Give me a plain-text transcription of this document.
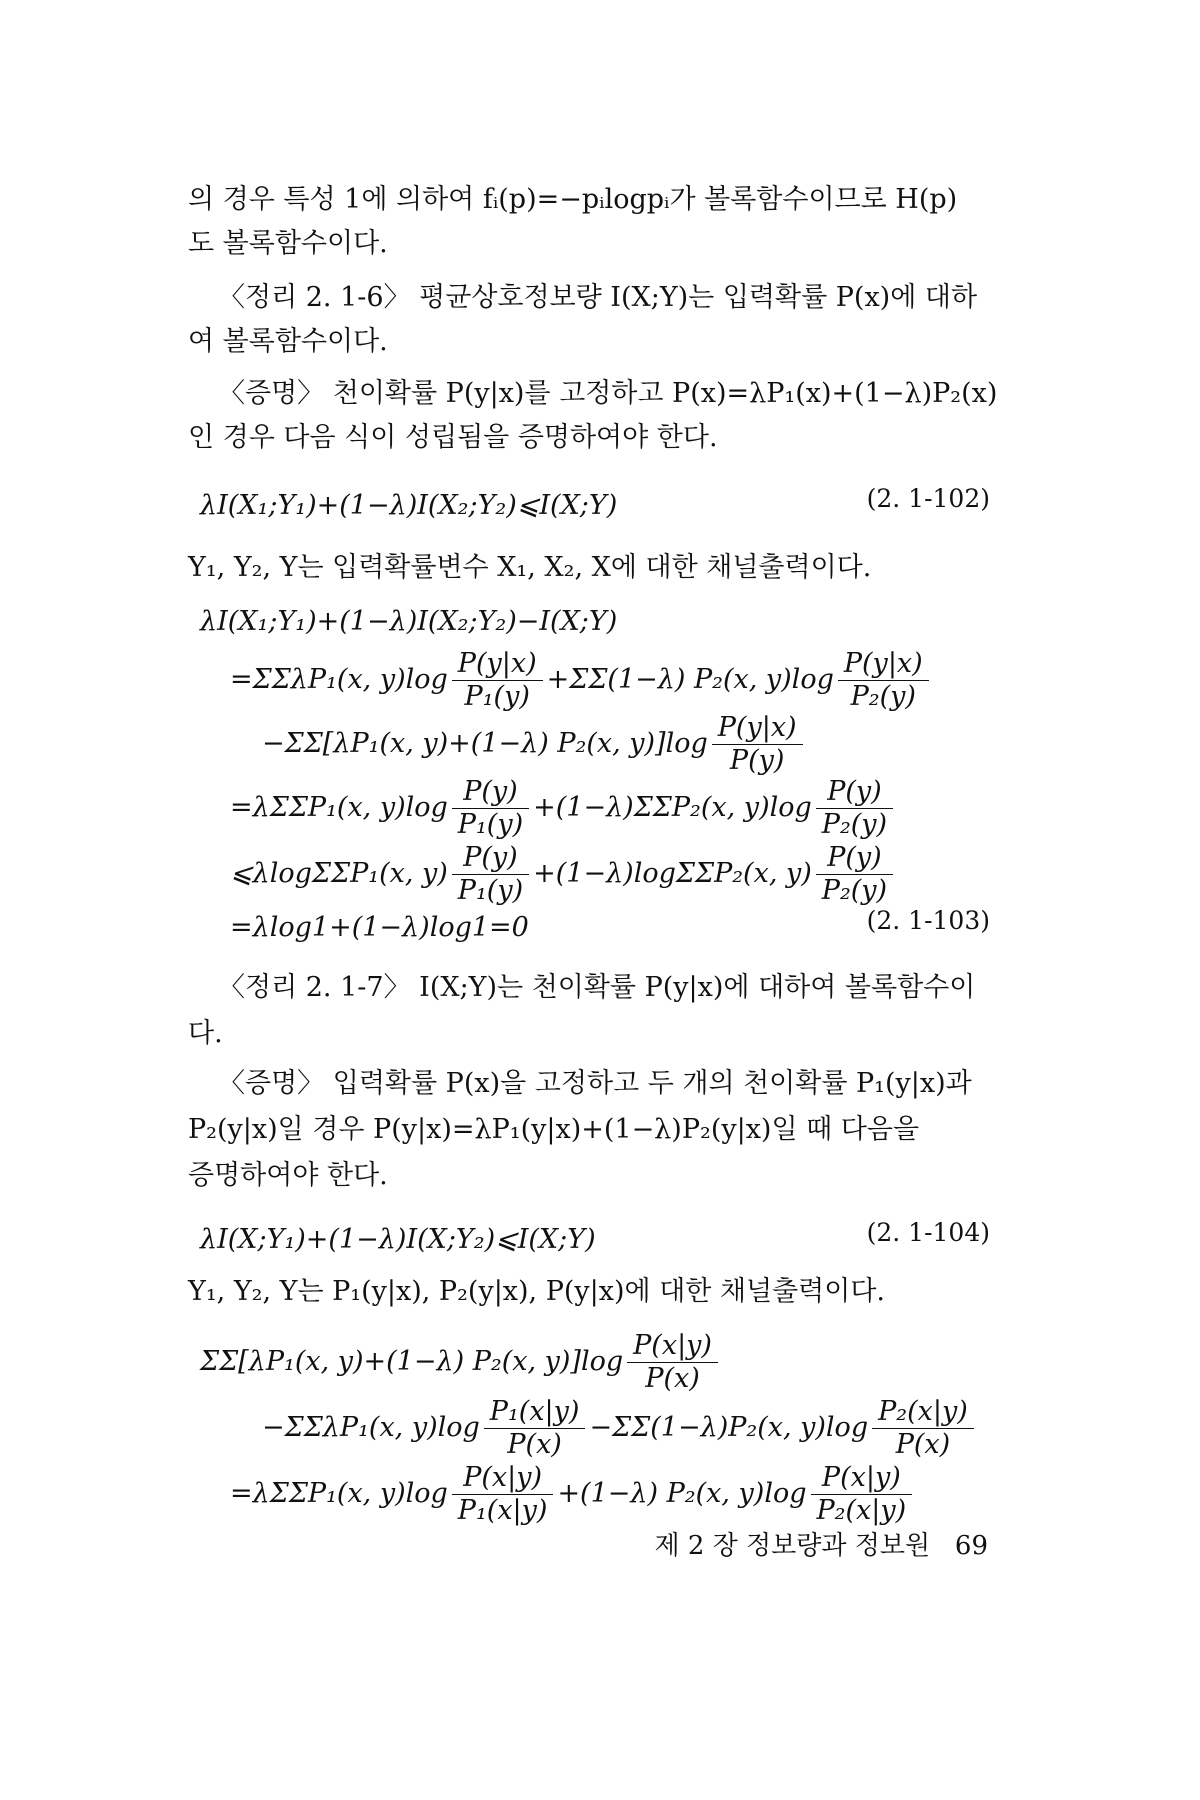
의 경우 특성 1에 의하여 fᵢ(p)=−pᵢlogpᵢ가 볼록함수이므로 H(p)
도 볼록함수이다.
〈정리 2. 1-6〉 평균상호정보량 I(X;Y)는 입력확률 P(x)에 대하
여 볼록함수이다.
〈증명〉 천이확률 P(y|x)를 고정하고 P(x)=λP₁(x)+(1−λ)P₂(x)
인 경우 다음 식이 성립됨을 증명하여야 한다.
λI(X₁;Y₁)+(1−λ)I(X₂;Y₂)⩽I(X;Y)	(2. 1-102)
Y₁, Y₂, Y는 입력확률변수 X₁, X₂, X에 대한 채널출력이다.
λI(X₁;Y₁)+(1−λ)I(X₂;Y₂)−I(X;Y)
=ΣΣλP₁(x, $y)\log \frac{P(y|x)}{\text{P₁(y)}} +\Sigma\Sigma(1-\lambda)$ P₂(x, $y)\log \frac{P(y|x)}{\text{P₂(y)}}$
−ΣΣ[λP₁(x, y)+(1−λ) P₂(x, $y)]\log \frac{P(y|x)}{P(y)}$
=λΣΣP₁(x, $y)\log \frac{P(y)}{\text{P₁(y)}} +(1-\lambda)\Sigma\Sigma P_2(x$, $y)\log \frac{P(y)}{\text{P₂(y)}}$
⩽λlogΣΣP₁(x, $y) \frac{P(y)}{\text{P₁(y)}} +(1-\lambda)\log\Sigma\Sigma P_2(x$, $y) \frac{P(y)}{\text{P₂(y)}}$
=λlog1+(1−λ)log1=0	(2. 1-103)
〈정리 2. 1-7〉 I(X;Y)는 천이확률 P(y|x)에 대하여 볼록함수이
다.
〈증명〉 입력확률 P(x)을 고정하고 두 개의 천이확률 P₁(y|x)과
P₂(y|x)일 경우 P(y|x)=λP₁(y|x)+(1−λ)P₂(y|x)일 때 다음을
증명하여야 한다.
λI(X;Y₁)+(1−λ)I(X;Y₂)⩽I(X;Y)	(2. 1-104)
Y₁, Y₂, Y는 P₁(y|x), P₂(y|x), P(y|x)에 대한 채널출력이다.
ΣΣ[λP₁(x, y)+(1−λ) P₂(x, $y)]\log \frac{P(x|y)}{P(x)}$
−ΣΣλP₁(x, $y)\log \frac{\text{P₁(x|y)}}{P(x)} -\Sigma\Sigma(1-\lambda)P_2(x$, $y)\log \frac{\text{P₂(x|y)}}{P(x)}$
=λΣΣP₁(x, $y)\log \frac{P(x|y)}{\text{P₁(x|y)}} +(1-\lambda)$ P₂(x, $y)\log \frac{P(x|y)}{\text{P₂(x|y)}}$
제 2 장 정보량과 정보원 69
